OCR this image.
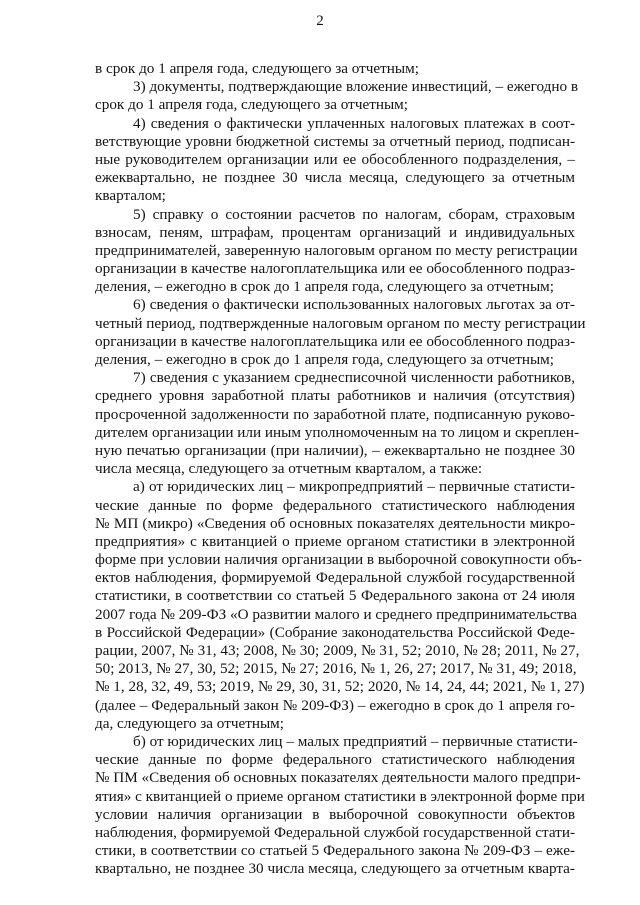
2

в срок до 1 апреля года, следующего за отчетным;

3) документы, подтверждающие вложение инвестиций, – ежегодно в
срок до 1 апреля года, следующего за отчетным;

4) сведения о фактически уплаченных налоговых платежах в соот-
ветствующие уровни бюджетной системы за отчетный период, подписан-
ные руководителем организации или ее обособленного подразделения, –
ежеквартально, не позднее 30 числа месяца, следующего за отчетным
кварталом;

5) справку о состоянии расчетов по налогам, сборам, страховым
взносам, пеням, штрафам, процентам организаций и индивидуальных
предпринимателей, заверенную налоговым органом по месту регистрации
организации в качестве налогоплательщика или ее обособленного подраз-
деления, – ежегодно в срок до 1 апреля года, следующего за отчетным;

6) сведения о фактически использованных налоговых льготах за от-
четный период, подтвержденные налоговым органом по месту регистрации
организации в качестве налогоплательщика или ее обособленного подраз-
деления, – ежегодно в срок до 1 апреля года, следующего за отчетным;

7) сведения с указанием среднесписочной численности работников,
среднего уровня заработной платы работников и наличия (отсутствия)
просроченной задолженности по заработной плате, подписанную руково-
дителем организации или иным уполномоченным на то лицом и скреплен-
ную печатью организации (при наличии), – ежеквартально не позднее 30
числа месяца, следующего за отчетным кварталом, а также:

а) от юридических лиц – микропредприятий – первичные статисти-
ческие данные по форме федерального статистического наблюдения
№ МП (микро) «Сведения об основных показателях деятельности микро-
предприятия» с квитанцией о приеме органом статистики в электронной
форме при условии наличия организации в выборочной совокупности объ-
ектов наблюдения, формируемой Федеральной службой государственной
статистики, в соответствии со статьей 5 Федерального закона от 24 июля
2007 года № 209-ФЗ «О развитии малого и среднего предпринимательства
в Российской Федерации» (Собрание законодательства Российской Феде-
рации, 2007, № 31, 43; 2008, № 30; 2009, № 31, 52; 2010, № 28; 2011, № 27,
50; 2013, № 27, 30, 52; 2015, № 27; 2016, № 1, 26, 27; 2017, № 31, 49; 2018,
№ 1, 28, 32, 49, 53; 2019, № 29, 30, 31, 52; 2020, № 14, 24, 44; 2021, № 1, 27)
(далее – Федеральный закон № 209-ФЗ) – ежегодно в срок до 1 апреля го-
да, следующего за отчетным;

б) от юридических лиц – малых предприятий – первичные статисти-
ческие данные по форме федерального статистического наблюдения
№ ПМ «Сведения об основных показателях деятельности малого предпри-
ятия» с квитанцией о приеме органом статистики в электронной форме при
условии наличия организации в выборочной совокупности объектов
наблюдения, формируемой Федеральной службой государственной стати-
стики, в соответствии со статьей 5 Федерального закона № 209-ФЗ – ежe-
квартально, не позднее 30 числа месяца, следующего за отчетным кварта-
